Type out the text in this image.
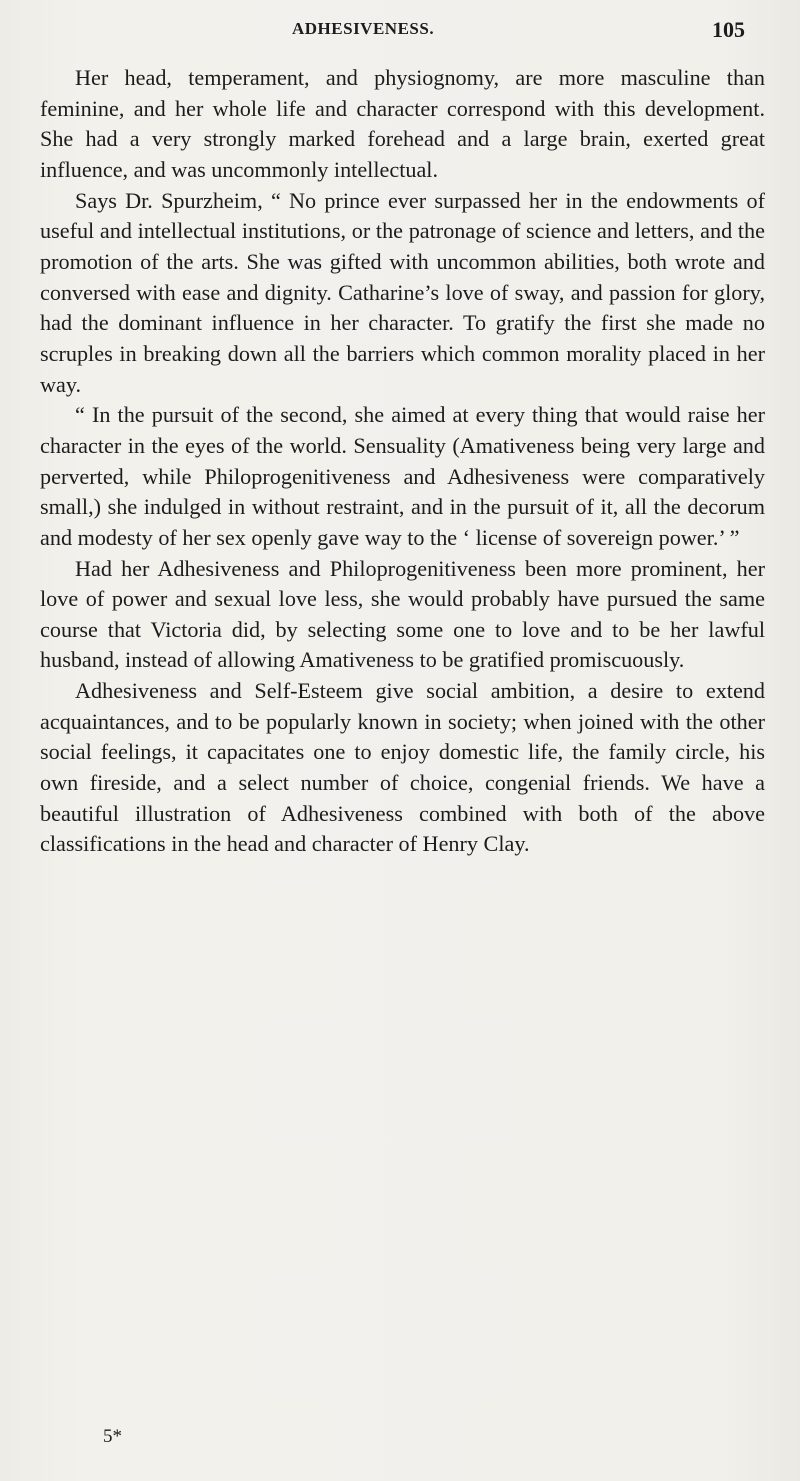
ADHESIVENESS.	105

Her head, temperament, and physiognomy, are more masculine than feminine, and her whole life and character correspond with this development. She had a very strongly marked forehead and a large brain, exerted great influence, and was uncommonly intellectual.

Says Dr. Spurzheim, “ No prince ever surpassed her in the endowments of useful and intellectual institutions, or the patronage of science and letters, and the promotion of the arts. She was gifted with uncommon abilities, both wrote and conversed with ease and dignity. Catharine’s love of sway, and passion for glory, had the dominant influence in her character. To gratify the first she made no scruples in breaking down all the barriers which common morality placed in her way.

“ In the pursuit of the second, she aimed at every thing that would raise her character in the eyes of the world. Sensuality (Amativeness being very large and perverted, while Philoprogenitiveness and Adhesiveness were comparatively small,) she indulged in without restraint, and in the pursuit of it, all the decorum and modesty of her sex openly gave way to the ‘ license of sovereign power.’ ”

Had her Adhesiveness and Philoprogenitiveness been more prominent, her love of power and sexual love less, she would probably have pursued the same course that Victoria did, by selecting some one to love and to be her lawful husband, instead of allowing Amativeness to be gratified promiscuously.

Adhesiveness and Self-Esteem give social ambition, a desire to extend acquaintances, and to be popularly known in society; when joined with the other social feelings, it capacitates one to enjoy domestic life, the family circle, his own fireside, and a select number of choice, congenial friends. We have a beautiful illustration of Adhesiveness combined with both of the above classifications in the head and character of Henry Clay.

5*
